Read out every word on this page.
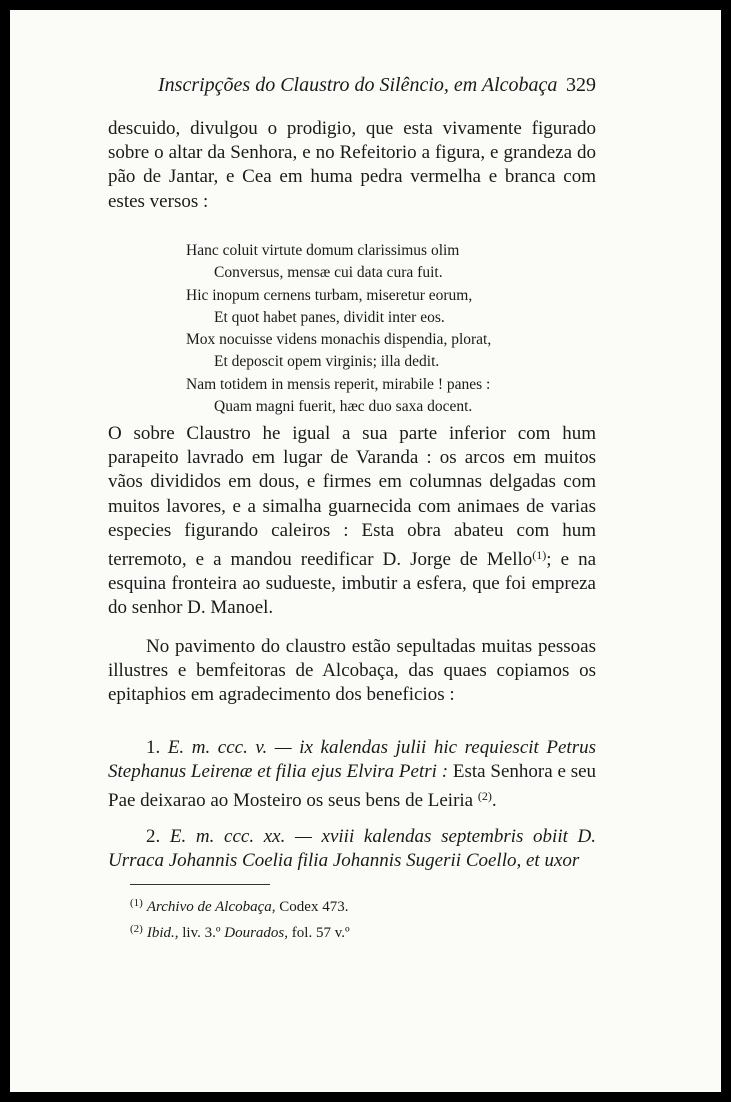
Inscripções do Claustro do Silêncio, em Alcobaça 329

descuido, divulgou o prodigio, que esta vivamente figurado sobre o altar da Senhora, e no Refeitorio a figura, e grandeza do pão de Jantar, e Cea em huma pedra vermelha e branca com estes versos :

Hanc coluit virtute domum clarissimus olim
Conversus, mensæ cui data cura fuit.
Hic inopum cernens turbam, miseretur eorum,
Et quot habet panes, dividit inter eos.
Mox nocuisse videns monachis dispendia, plorat,
Et deposcit opem virginis; illa dedit.
Nam totidem in mensis reperit, mirabile ! panes :
Quam magni fuerit, hæc duo saxa docent.

O sobre Claustro he igual a sua parte inferior com hum parapeito lavrado em lugar de Varanda : os arcos em muitos vãos divididos em dous, e firmes em columnas delgadas com muitos lavores, e a simalha guarnecida com animaes de varias especies figurando caleiros : Esta obra abateu com hum terremoto, e a mandou reedificar D. Jorge de Mello$^{(1)}$; e na esquina fronteira ao sudueste, imbutir a esfera, que foi empreza do senhor D. Manoel.

No pavimento do claustro estão sepultadas muitas pessoas illustres e bemfeitoras de Alcobaça, das quaes copiamos os epitaphios em agradecimento dos beneficios :

1. E. m. ccc. v. — ix kalendas julii hic requiescit Petrus Stephanus Leirenæ et filia ejus Elvira Petri : Esta Senhora e seu Pae deixarao ao Mosteiro os seus bens de Leiria $^{(2)}$.

2. E. m. ccc. xx. — xviii kalendas septembris obiit D. Urraca Johannis Coelia filia Johannis Sugerii Coello, et uxor

$^{(1)}$ Archivo de Alcobaça, Codex 473.
$^{(2)}$ Ibid., liv. 3.º Dourados, fol. 57 v.º
